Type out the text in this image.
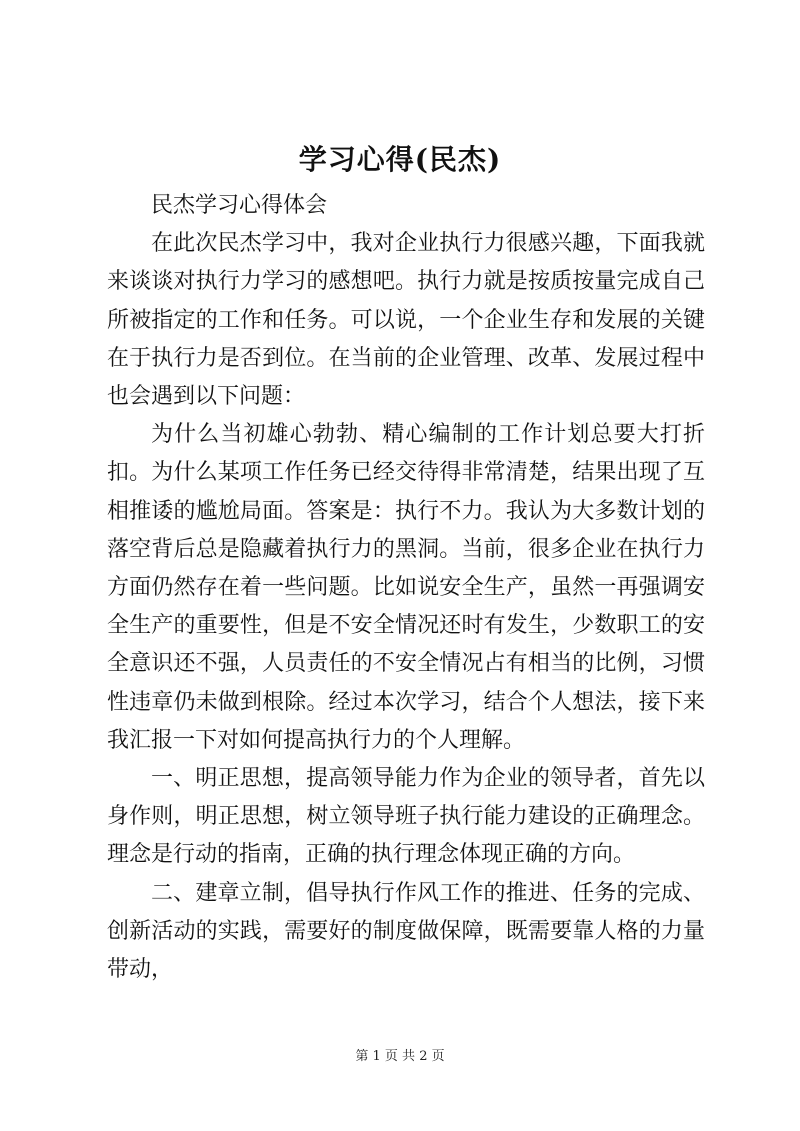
学习心得(民杰)

民杰学习心得体会

在此次民杰学习中，我对企业执行力很感兴趣，下面我就来谈谈对执行力学习的感想吧。执行力就是按质按量完成自己所被指定的工作和任务。可以说，一个企业生存和发展的关键在于执行力是否到位。在当前的企业管理、改革、发展过程中也会遇到以下问题：

为什么当初雄心勃勃、精心编制的工作计划总要大打折扣。为什么某项工作任务已经交待得非常清楚，结果出现了互相推诿的尴尬局面。答案是：执行不力。我认为大多数计划的落空背后总是隐藏着执行力的黑洞。当前，很多企业在执行力方面仍然存在着一些问题。比如说安全生产，虽然一再强调安全生产的重要性，但是不安全情况还时有发生，少数职工的安全意识还不强，人员责任的不安全情况占有相当的比例，习惯性违章仍未做到根除。经过本次学习，结合个人想法，接下来我汇报一下对如何提高执行力的个人理解。

一、明正思想，提高领导能力作为企业的领导者，首先以身作则，明正思想，树立领导班子执行能力建设的正确理念。理念是行动的指南，正确的执行理念体现正确的方向。

二、建章立制，倡导执行作风工作的推进、任务的完成、创新活动的实践，需要好的制度做保障，既需要靠人格的力量带动，

第 1 页 共 2 页
